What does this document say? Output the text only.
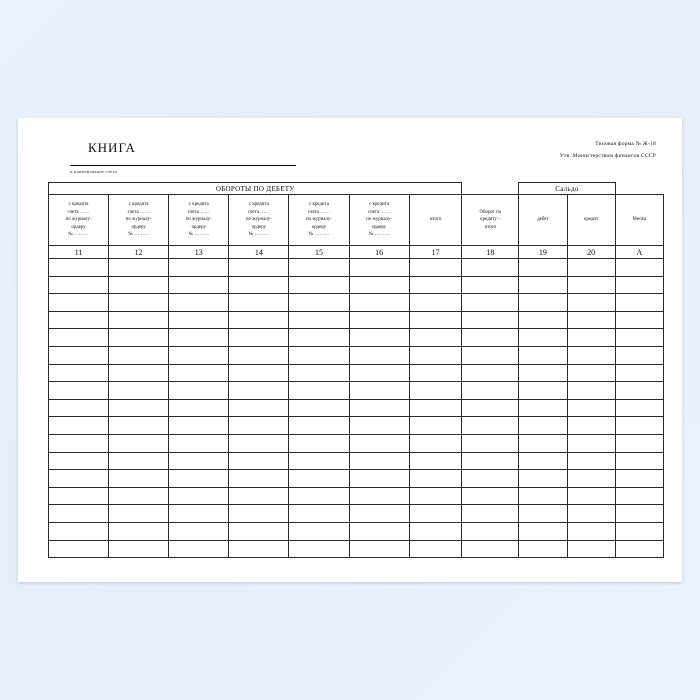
КНИГА
и наименование счета
Типовая форма № Ж-18
Утв. Министерством финансов СССР
ОБОРОТЫ ПО ДЕБЕТУ								Сальдо		

с кредита
счета ……
по журналу-
ордеру
№ ………	с кредита
счета ……
по журналу-
ордеру
№ ………	с кредита
счета ……
по журналу-
ордеру
№ ………	с кредита
счета ……
по журналу-
ордеру
№ ………	с кредита
счета ……
по журналу-
ордеру
№ ………	с кредита
счета ……
по журналу-
ордеру
№ ………	итого	Оборот по
кредиту –
итого	дебет	кредит	Месяц

11	12	13	14	15	16	17	18	19	20	А
